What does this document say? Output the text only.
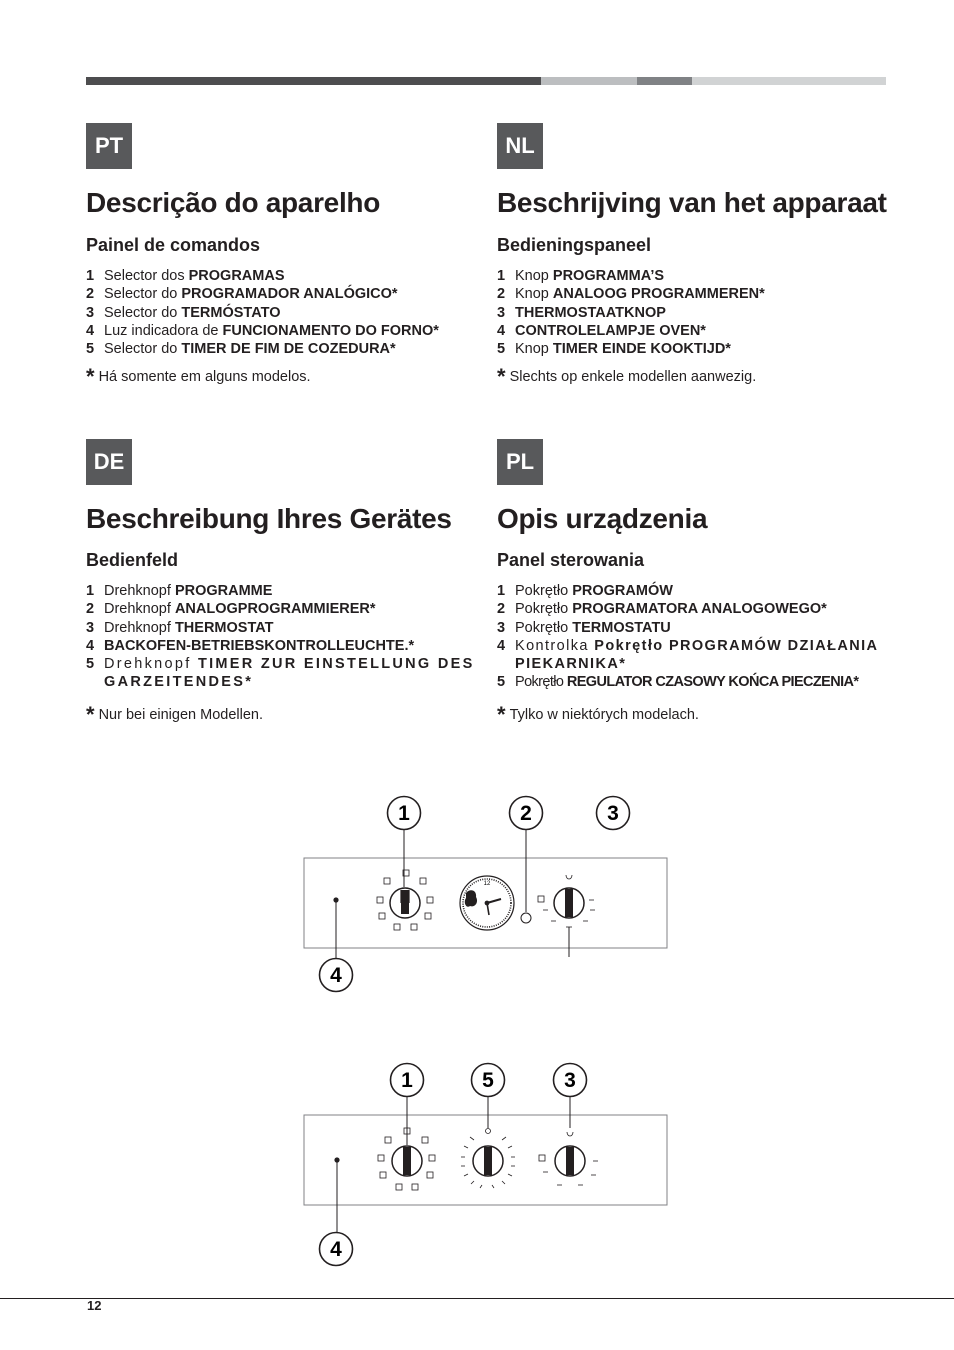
PT	NL
DE	PL
Descrição do aparelho
Painel de comandos
1 Selector dos PROGRAMAS
2 Selector do PROGRAMADOR ANALÓGICO*
3 Selector do TERMÓSTATO
4 Luz indicadora de FUNCIONAMENTO DO FORNO*
5 Selector do TIMER DE FIM DE COZEDURA*
* Há somente em alguns modelos.
Beschrijving van het apparaat
Bedieningspaneel
1 Knop PROGRAMMA’S
2 Knop ANALOOG PROGRAMMEREN*
3 THERMOSTAATKNOP
4 CONTROLELAMPJE OVEN*
5 Knop TIMER EINDE KOOKTIJD*
* Slechts op enkele modellen aanwezig.
Beschreibung Ihres Gerätes
Bedienfeld
1 Drehknopf PROGRAMME
2 Drehknopf ANALOGPROGRAMMIERER*
3 Drehknopf THERMOSTAT
4 BACKOFEN-BETRIEBSKONTROLLEUCHTE.*
5 Drehknopf TIMER ZUR EINSTELLUNG DES GARZEITENDES*
* Nur bei einigen Modellen.
Opis urządzenia
Panel sterowania
1 Pokrętło PROGRAMÓW
2 Pokrętło PROGRAMATORA ANALOGOWEGO*
3 Pokrętło TERMOSTATU
4 Kontrolka Pokrętło PROGRAMÓW DZIAŁANIA PIEKARNIKA*
5 Pokrętło REGULATOR CZASOWY KOŃCA PIECZENIA*
* Tylko w niektórych modelach.
1	2	3
4
12
1	5	3
4
12
